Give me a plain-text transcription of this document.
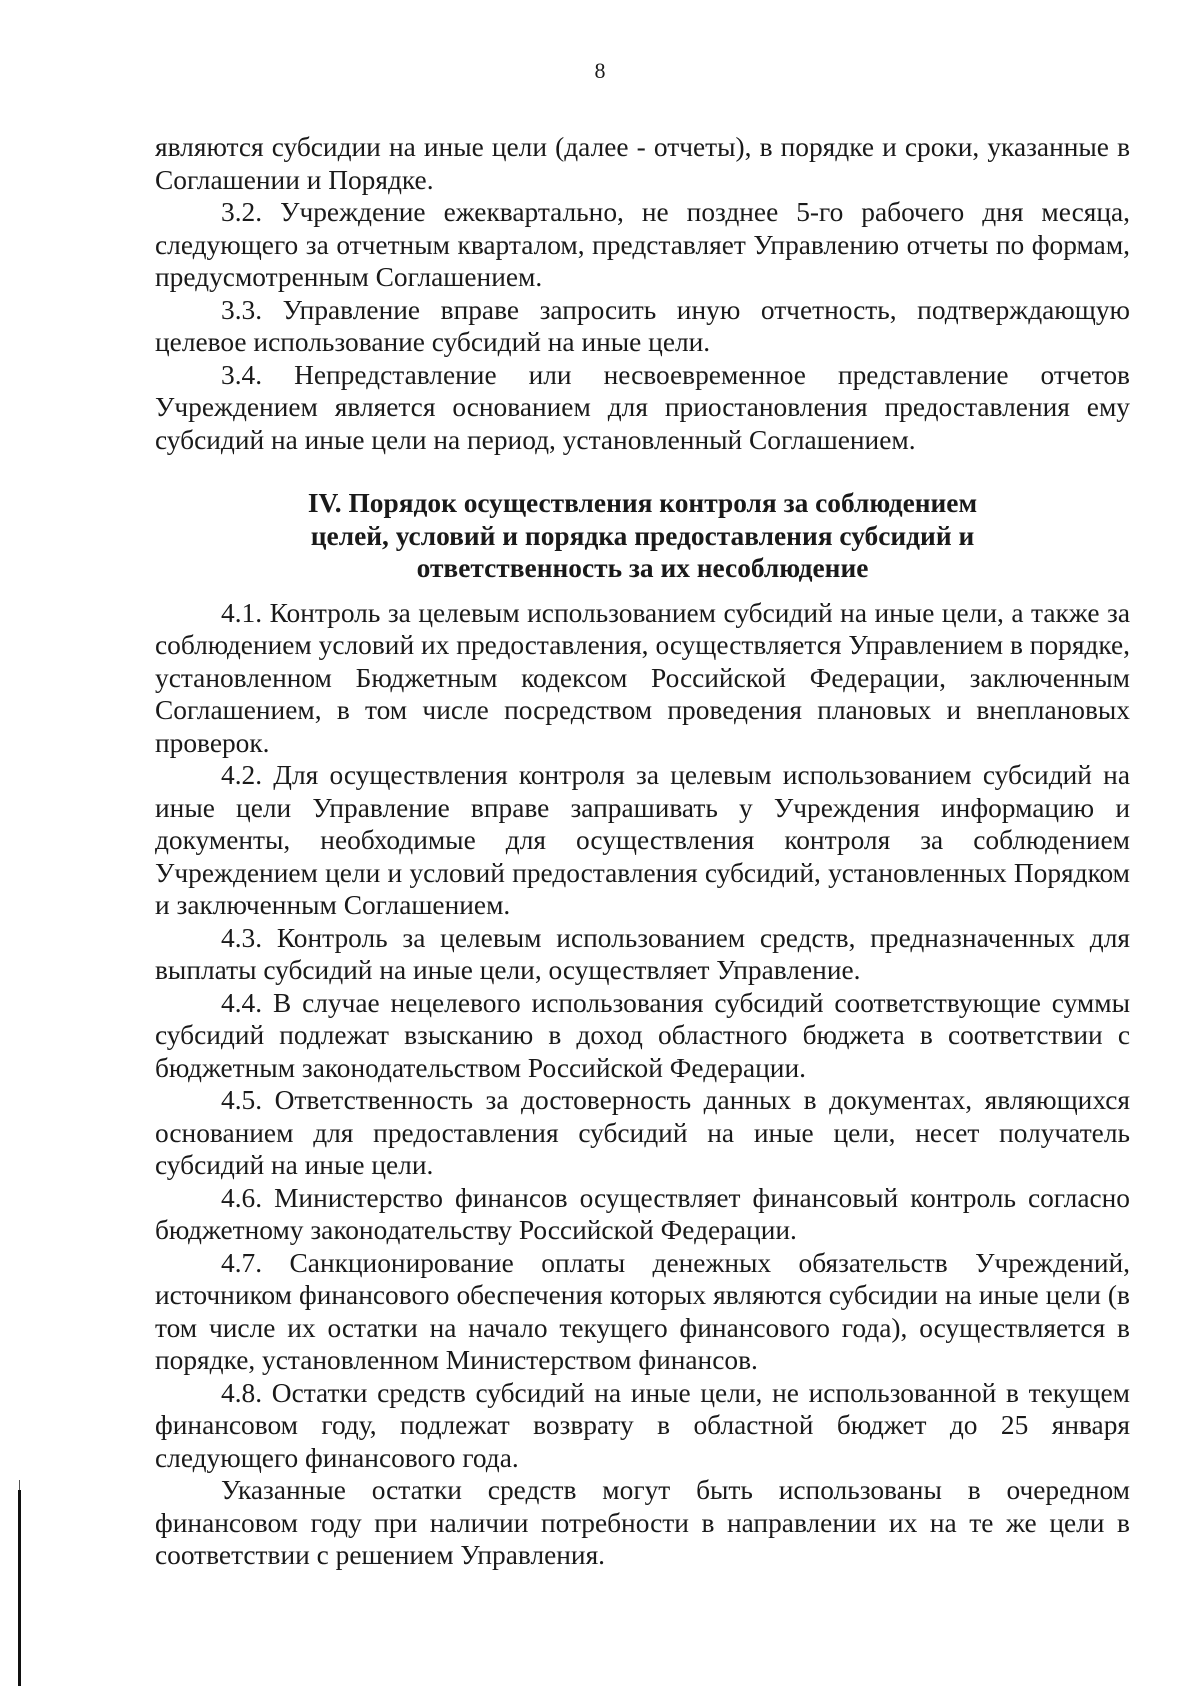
8

являются субсидии на иные цели (далее - отчеты), в порядке и сроки, указанные в Соглашении и Порядке.

3.2. Учреждение ежеквартально, не позднее 5-го рабочего дня месяца, следующего за отчетным кварталом, представляет Управлению отчеты по формам, предусмотренным Соглашением.

3.3. Управление вправе запросить иную отчетность, подтверждающую целевое использование субсидий на иные цели.

3.4. Непредставление или несвоевременное представление отчетов Учреждением является основанием для приостановления предоставления ему субсидий на иные цели на период, установленный Соглашением.

IV. Порядок осуществления контроля за соблюдением
целей, условий и порядка предоставления субсидий и
ответственность за их несоблюдение

4.1. Контроль за целевым использованием субсидий на иные цели, а также за соблюдением условий их предоставления, осуществляется Управлением в порядке, установленном Бюджетным кодексом Российской Федерации, заключенным Соглашением, в том числе посредством проведения плановых и внеплановых проверок.

4.2. Для осуществления контроля за целевым использованием субсидий на иные цели Управление вправе запрашивать у Учреждения информацию и документы, необходимые для осуществления контроля за соблюдением Учреждением цели и условий предоставления субсидий, установленных Порядком и заключенным Соглашением.

4.3. Контроль за целевым использованием средств, предназначенных для выплаты субсидий на иные цели, осуществляет Управление.

4.4. В случае нецелевого использования субсидий соответствующие суммы субсидий подлежат взысканию в доход областного бюджета в соответствии с бюджетным законодательством Российской Федерации.

4.5. Ответственность за достоверность данных в документах, являющихся основанием для предоставления субсидий на иные цели, несет получатель субсидий на иные цели.

4.6. Министерство финансов осуществляет финансовый контроль согласно бюджетному законодательству Российской Федерации.

4.7. Санкционирование оплаты денежных обязательств Учреждений, источником финансового обеспечения которых являются субсидии на иные цели (в том числе их остатки на начало текущего финансового года), осуществляется в порядке, установленном Министерством финансов.

4.8. Остатки средств субсидий на иные цели, не использованной в текущем финансовом году, подлежат возврату в областной бюджет до 25 января следующего финансового года.

Указанные остатки средств могут быть использованы в очередном финансовом году при наличии потребности в направлении их на те же цели в соответствии с решением Управления.
